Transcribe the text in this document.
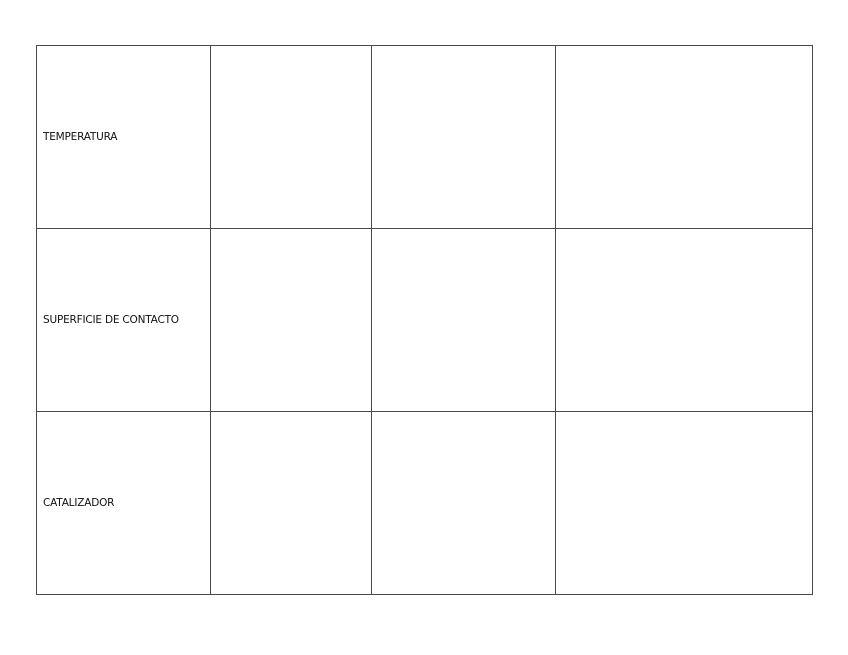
TEMPERATURA			

SUPERFICIE DE CONTACTO			

CATALIZADOR			
